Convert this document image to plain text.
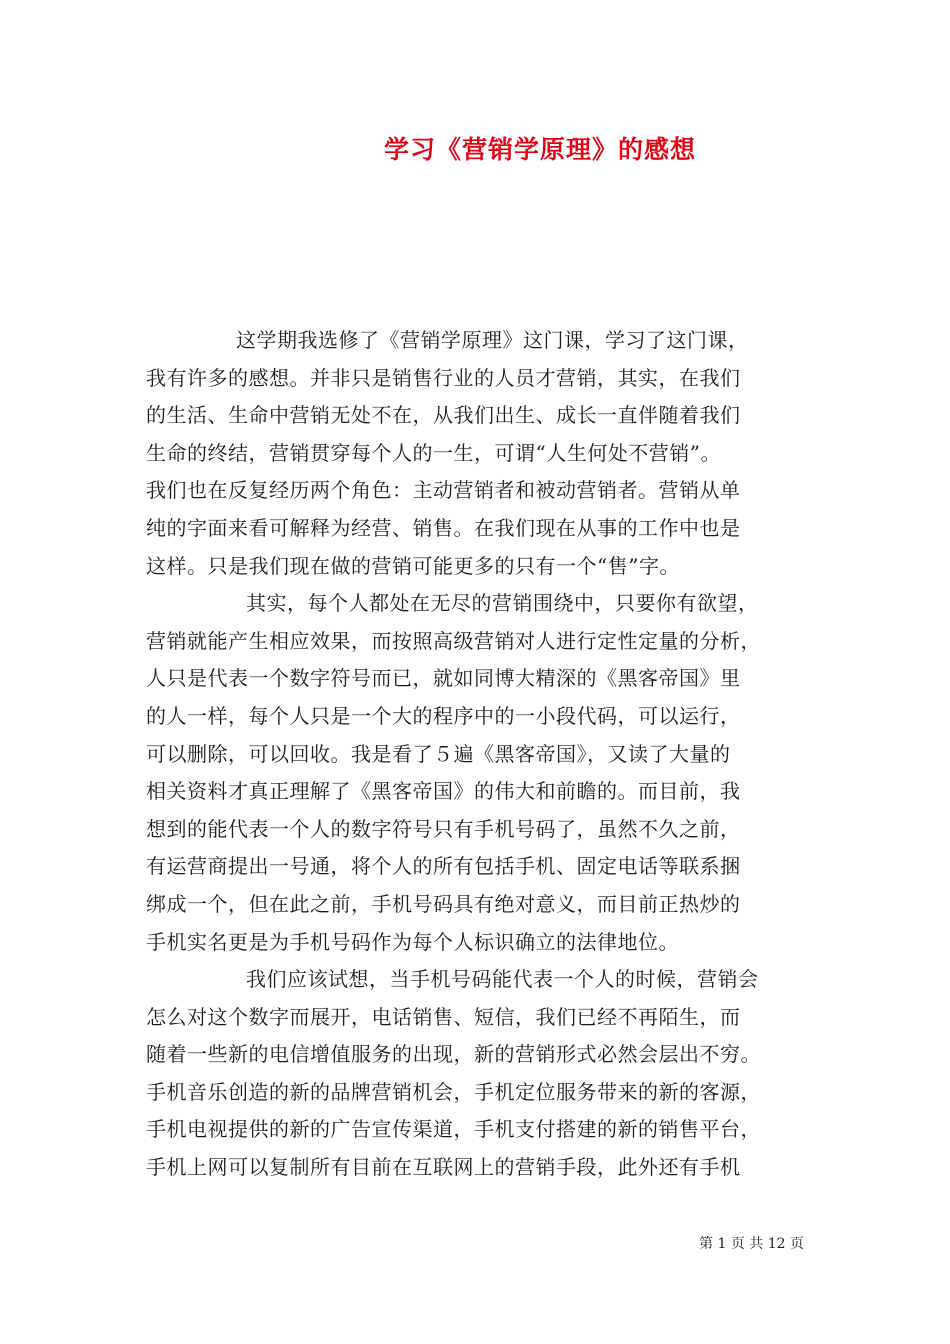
学习《营销学原理》的感想
这学期我选修了《营销学原理》这门课，学习了这门课，
我有许多的感想。并非只是销售行业的人员才营销，其实，在我们
的生活、生命中营销无处不在，从我们出生、成长一直伴随着我们
生命的终结，营销贯穿每个人的一生，可谓“人生何处不营销”。
我们也在反复经历两个角色：主动营销者和被动营销者。营销从单
纯的字面来看可解释为经营、销售。在我们现在从事的工作中也是
这样。只是我们现在做的营销可能更多的只有一个“售”字。
其实，每个人都处在无尽的营销围绕中，只要你有欲望，
营销就能产生相应效果，而按照高级营销对人进行定性定量的分析，
人只是代表一个数字符号而已，就如同博大精深的《黑客帝国》里
的人一样，每个人只是一个大的程序中的一小段代码，可以运行，
可以删除，可以回收。我是看了５遍《黑客帝国》，又读了大量的
相关资料才真正理解了《黑客帝国》的伟大和前瞻的。而目前，我
想到的能代表一个人的数字符号只有手机号码了，虽然不久之前，
有运营商提出一号通，将个人的所有包括手机、固定电话等联系捆
绑成一个，但在此之前，手机号码具有绝对意义，而目前正热炒的
手机实名更是为手机号码作为每个人标识确立的法律地位。
我们应该试想，当手机号码能代表一个人的时候，营销会
怎么对这个数字而展开，电话销售、短信，我们已经不再陌生，而
随着一些新的电信增值服务的出现，新的营销形式必然会层出不穷。
手机音乐创造的新的品牌营销机会，手机定位服务带来的新的客源，
手机电视提供的新的广告宣传渠道，手机支付搭建的新的销售平台，
手机上网可以复制所有目前在互联网上的营销手段，此外还有手机
第 1 页 共 12 页
